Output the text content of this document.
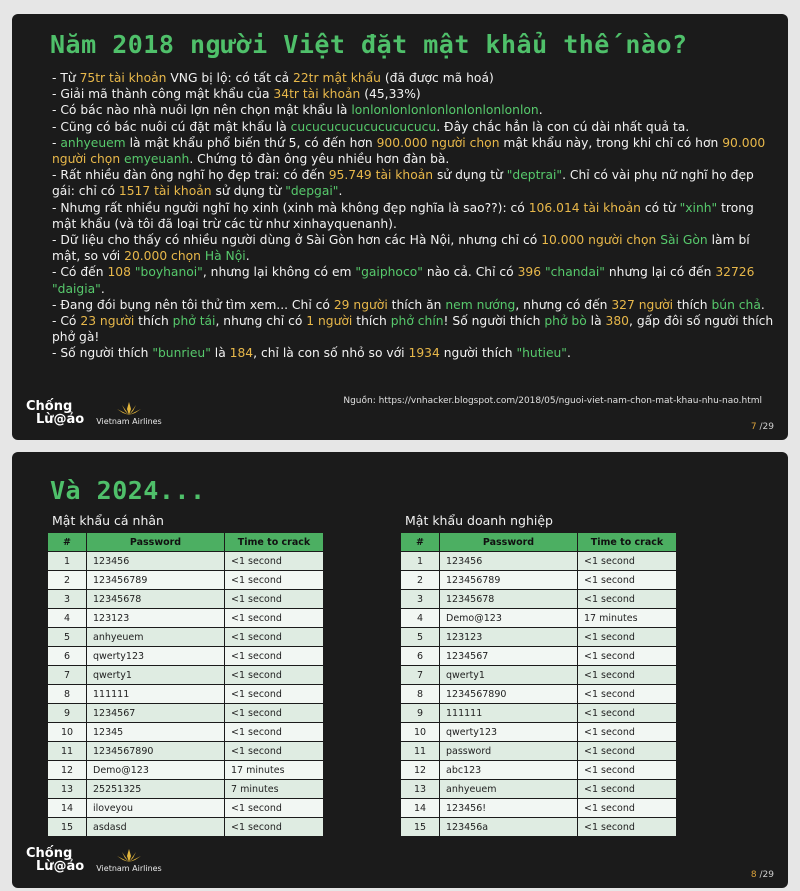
Năm 2018 người Việt đặt mật khẩu thế nào?

- Từ 75tr tài khoản VNG bị lộ: có tất cả 22tr mật khẩu (đã được mã hoá)

- Giải mã thành công mật khẩu của 34tr tài khoản (45,33%)

- Có bác nào nhà nuôi lợn nên chọn mật khẩu là lonlonlonlonlonlonlonlonlonlon.

- Cũng có bác nuôi cú đặt mật khẩu là cucucucucucucucucucu. Đây chắc hẳn là con cú dài nhất quả ta.

- anhyeuem là mật khẩu phổ biến thứ 5, có đến hơn 900.000 người chọn mật khẩu này, trong khi chỉ có hơn 90.000 người chọn emyeuanh. Chứng tỏ đàn ông yêu nhiều hơn đàn bà.

- Rất nhiều đàn ông nghĩ họ đẹp trai: có đến 95.749 tài khoản sử dụng từ "deptrai". Chỉ có vài phụ nữ nghĩ họ đẹp gái: chỉ có 1517 tài khoản sử dụng từ "depgai".

- Nhưng rất nhiều người nghĩ họ xinh (xinh mà không đẹp nghĩa là sao??): có 106.014 tài khoản có từ "xinh" trong mật khẩu (và tôi đã loại trừ các từ như xinhayquenanh).

- Dữ liệu cho thấy có nhiều người dùng ở Sài Gòn hơn các Hà Nội, nhưng chỉ có 10.000 người chọn Sài Gòn làm bí mật, so với 20.000 chọn Hà Nội.

- Có đến 108 "boyhanoi", nhưng lại không có em "gaiphoco" nào cả. Chỉ có 396 "chandai" nhưng lại có đến 32726 "daigia".

- Đang đói bụng nên tôi thử tìm xem... Chỉ có 29 người thích ăn nem nướng, nhưng có đến 327 người thích bún chả.

- Có 23 người thích phở tái, nhưng chỉ có 1 người thích phở chín! Số người thích phở bò là 380, gấp đôi số người thích phở gà!

- Số người thích "bunrieu" là 184, chỉ là con số nhỏ so với 1934 người thích "hutieu".

Chống
Lừ@ảo Vietnam Airlines
Nguồn: https://vnhacker.blogspot.com/2018/05/nguoi-viet-nam-chon-mat-khau-nhu-nao.html
7 /29
Và 2024...
Mật khẩu cá nhân
#	Password	Time to crack
1	123456	<1 second
2	123456789	<1 second
3	12345678	<1 second
4	123123	<1 second
5	anhyeuem	<1 second
6	qwerty123	<1 second
7	qwerty1	<1 second
8	111111	<1 second
9	1234567	<1 second
10	12345	<1 second
11	1234567890	<1 second
12	Demo@123	17 minutes
13	25251325	7 minutes
14	iloveyou	<1 second
15	asdasd	<1 second
Mật khẩu doanh nghiệp
#	Password	Time to crack
1	123456	<1 second
2	123456789	<1 second
3	12345678	<1 second
4	Demo@123	17 minutes
5	123123	<1 second
6	1234567	<1 second
7	qwerty1	<1 second
8	1234567890	<1 second
9	111111	<1 second
10	qwerty123	<1 second
11	password	<1 second
12	abc123	<1 second
13	anhyeuem	<1 second
14	123456!	<1 second
15	123456a	<1 second
Chống
Lừ@ảo Vietnam Airlines
8 /29
